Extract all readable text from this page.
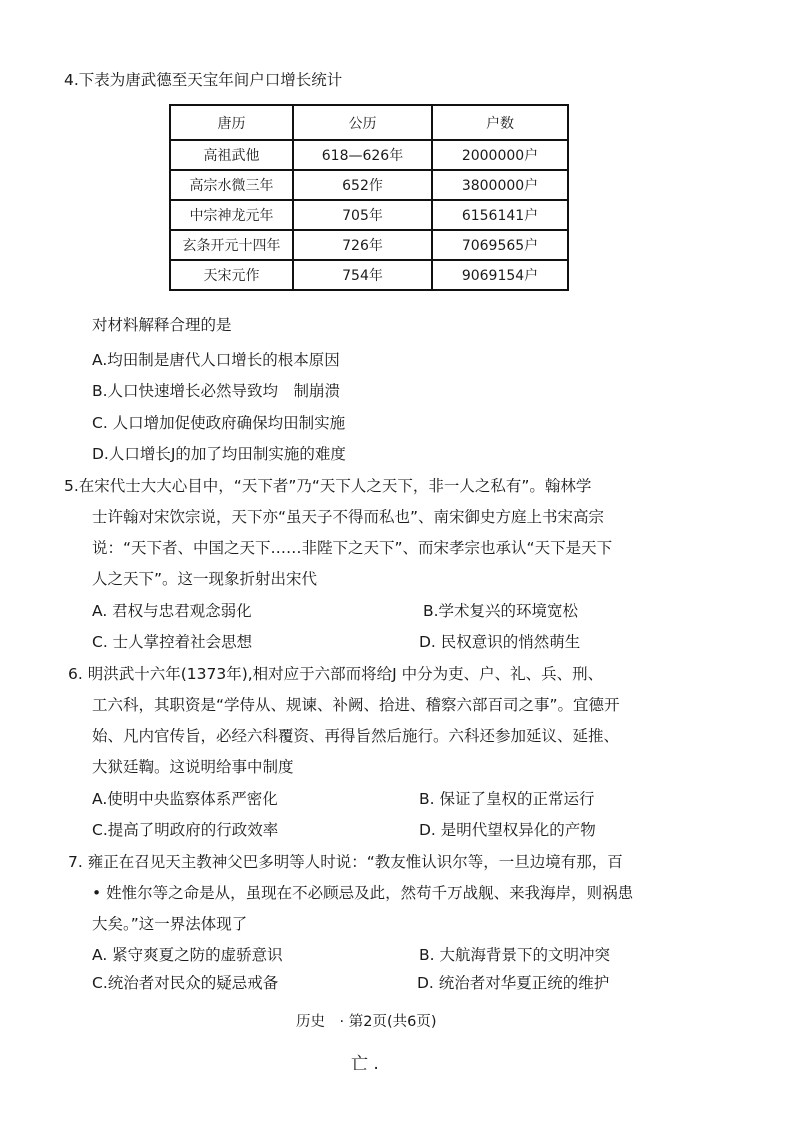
4.下表为唐武德至天宝年间户口增长统计
唐历	公历	户数
高祖武他	618—626年	2000000户
高宗水微三年	652作	3800000户
中宗神龙元年	705年	6156141户
玄条开元十四年	726年	7069565户
天宋元作	754年	9069154户
对材料解释合理的是
A.均田制是唐代人口增长的根本原因
B.人口快速增长必然导致均　制崩溃
C. 人口增加促使政府确保均田制实施
D.人口增长J的加了均田制实施的难度
5.在宋代士大大心目中，“天下者”乃“天下人之天下，非一人之私有”。翰林学
士许翰对宋饮宗说，天下亦“虽天子不得而私也”、南宋御史方庭上书宋高宗
说：“天下者、中国之天下……非陛下之天下”、而宋孝宗也承认“天下是天下
人之天下”。这一现象折射出宋代
A. 君权与忠君观念弱化	B.学术复兴的环境宽松
C. 士人掌控着社会思想	D. 民权意识的悄然萌生
6. 明洪武十六年(1373年),相对应于六部而将给J 中分为吏、户、礼、兵、刑、
工六科，其职资是“学侍从、规谏、补阙、拾进、稽察六部百司之事”。宜德开
始、凡内官传旨，必经六科覆资、再得旨然后施行。六科还参加延议、延推、
大狱廷鞫。这说明给事中制度
A.使明中央监察体系严密化	B. 保证了皇权的正常运行
C.提高了明政府的行政效率	D. 是明代望权异化的产物
7. 雍正在召见天主教神父巴多明等人时说：“教友惟认识尔等，一旦边境有那，百
• 姓惟尔等之命是从，虽现在不必顾忌及此，然苟千万战舰、来我海岸，则祸患
大矣。”这一界法体现了
A. 紧守爽夏之防的虚骄意识	B. 大航海背景下的文明冲突
C.统治者对民众的疑忌戒备	D. 统治者对华夏正统的维护
历史　· 第2页(共6页)
亡 .
